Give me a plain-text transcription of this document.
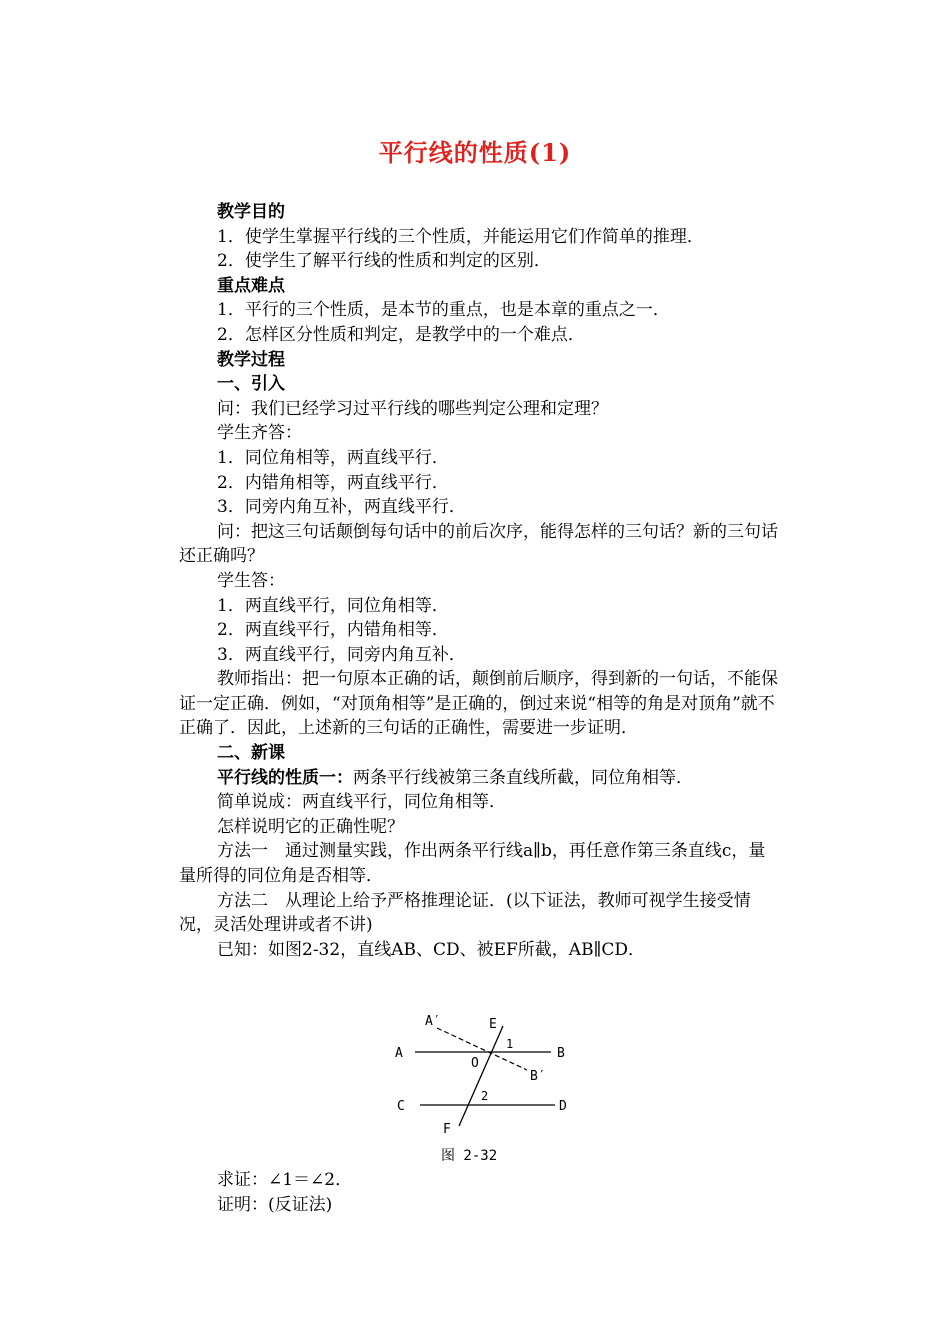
平行线的性质(1)
教学目的
1．使学生掌握平行线的三个性质，并能运用它们作简单的推理．
2．使学生了解平行线的性质和判定的区别．
重点难点
1．平行的三个性质，是本节的重点，也是本章的重点之一．
2．怎样区分性质和判定，是教学中的一个难点．
教学过程
一、引入
问：我们已经学习过平行线的哪些判定公理和定理？
学生齐答：
1．同位角相等，两直线平行．
2．内错角相等，两直线平行．
3．同旁内角互补，两直线平行．
问：把这三句话颠倒每句话中的前后次序，能得怎样的三句话？新的三句话还正确吗？
学生答：
1．两直线平行，同位角相等．
2．两直线平行，内错角相等．
3．两直线平行，同旁内角互补．
教师指出：把一句原本正确的话，颠倒前后顺序，得到新的一句话，不能保证一定正确．例如，“对顶角相等”是正确的，倒过来说“相等的角是对顶角”就不正确了．因此，上述新的三句话的正确性，需要进一步证明．
二、新课
平行线的性质一：两条平行线被第三条直线所截，同位角相等．
简单说成：两直线平行，同位角相等．
怎样说明它的正确性呢？
方法一　通过测量实践，作出两条平行线a∥b，再任意作第三条直线c，量量所得的同位角是否相等．
方法二　从理论上给予严格推理论证．(以下证法，教师可视学生接受情况，灵活处理讲或者不讲)
已知：如图2-32，直线AB、CD、被EF所截，AB∥CD．
A′	E
A
O
1
B
B′
C
2
D
F
图 2-32
求证：∠1＝∠2．
证明：(反证法)
